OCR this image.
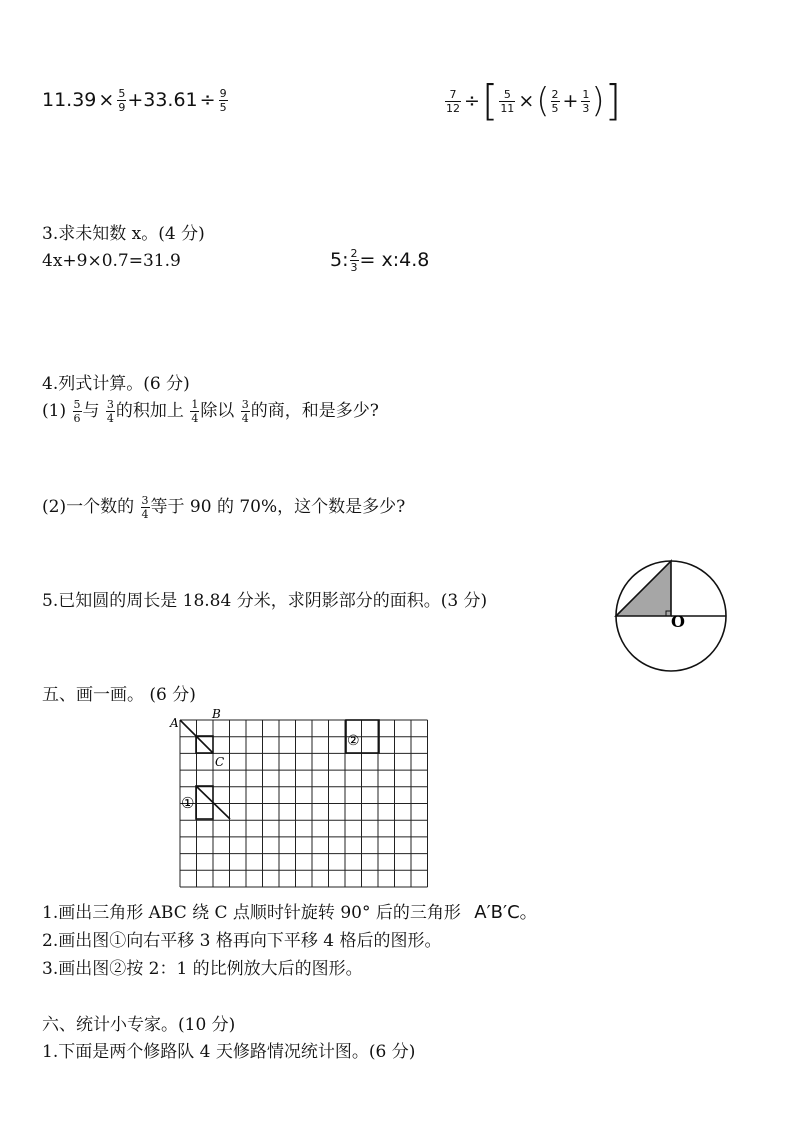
$11.39 \times \frac{5}{9} +33.61 \div \frac{9}{5}$	$\frac{7}{12}$ ÷[ $\frac{5}{11}$ ×( $\frac{2}{5} + \frac{1}{3}$ )]
3.求未知数 x。(4 分)
4x+9×0.7=31.9	5: $\frac{2}{3}$ = x:4.8
4.列式计算。(6 分)
$(1) \frac{5}{6}$ 与 $\frac{3}{4}$ 的积加上 $\frac{1}{4}$ 除以 $\frac{3}{4}$ 的商，和是多少?
(2)一个数的 $\frac{3}{4}$ 等于 90 的 70%，这个数是多少?
5.已知圆的周长是 18.84 分米，求阴影部分的面积。(3 分)
O
五、画一画。 (6 分)
A
B
C
①
②
1.画出三角形 ABC 绕 C 点顺时针旋转 90° 后的三角形 A′B′C。
2.画出图①向右平移 3 格再向下平移 4 格后的图形。
3.画出图②按 2：1 的比例放大后的图形。
六、统计小专家。(10 分)
1.下面是两个修路队 4 天修路情况统计图。(6 分)
